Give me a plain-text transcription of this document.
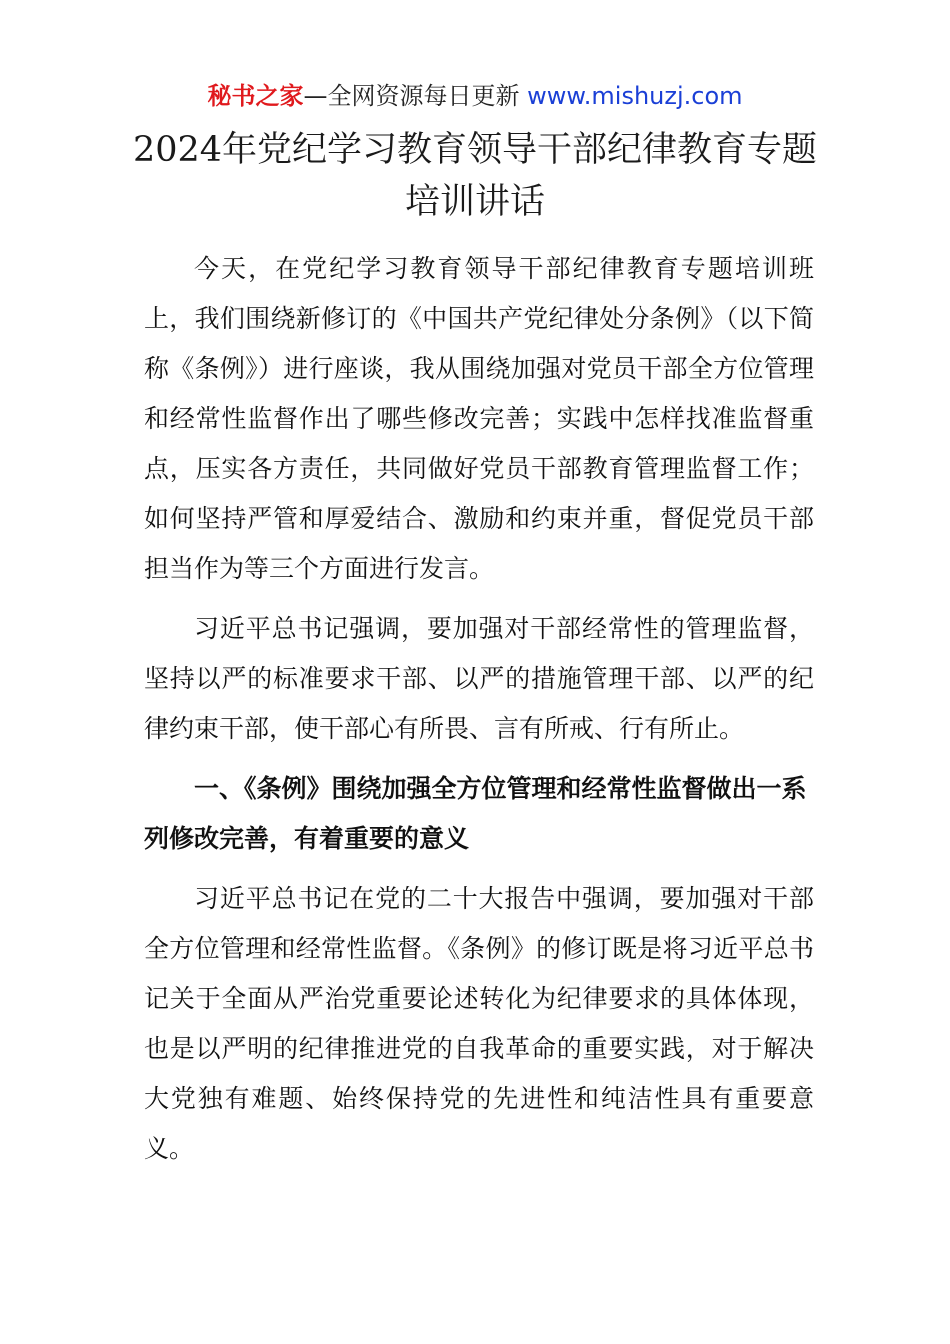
秘书之家—全网资源每日更新 www.mishuzj.com
2024年党纪学习教育领导干部纪律教育专题培训讲话

今天，在党纪学习教育领导干部纪律教育专题培训班上，我们围绕新修订的《中国共产党纪律处分条例》（以下简称《条例》）进行座谈，我从围绕加强对党员干部全方位管理和经常性监督作出了哪些修改完善；实践中怎样找准监督重点，压实各方责任，共同做好党员干部教育管理监督工作；如何坚持严管和厚爱结合、激励和约束并重，督促党员干部担当作为等三个方面进行发言。

习近平总书记强调，要加强对干部经常性的管理监督，坚持以严的标准要求干部、以严的措施管理干部、以严的纪律约束干部，使干部心有所畏、言有所戒、行有所止。

一、《条例》围绕加强全方位管理和经常性监督做出一系列修改完善，有着重要的意义

习近平总书记在党的二十大报告中强调，要加强对干部全方位管理和经常性监督。《条例》的修订既是将习近平总书记关于全面从严治党重要论述转化为纪律要求的具体体现，也是以严明的纪律推进党的自我革命的重要实践，对于解决大党独有难题、始终保持党的先进性和纯洁性具有重要意义。
